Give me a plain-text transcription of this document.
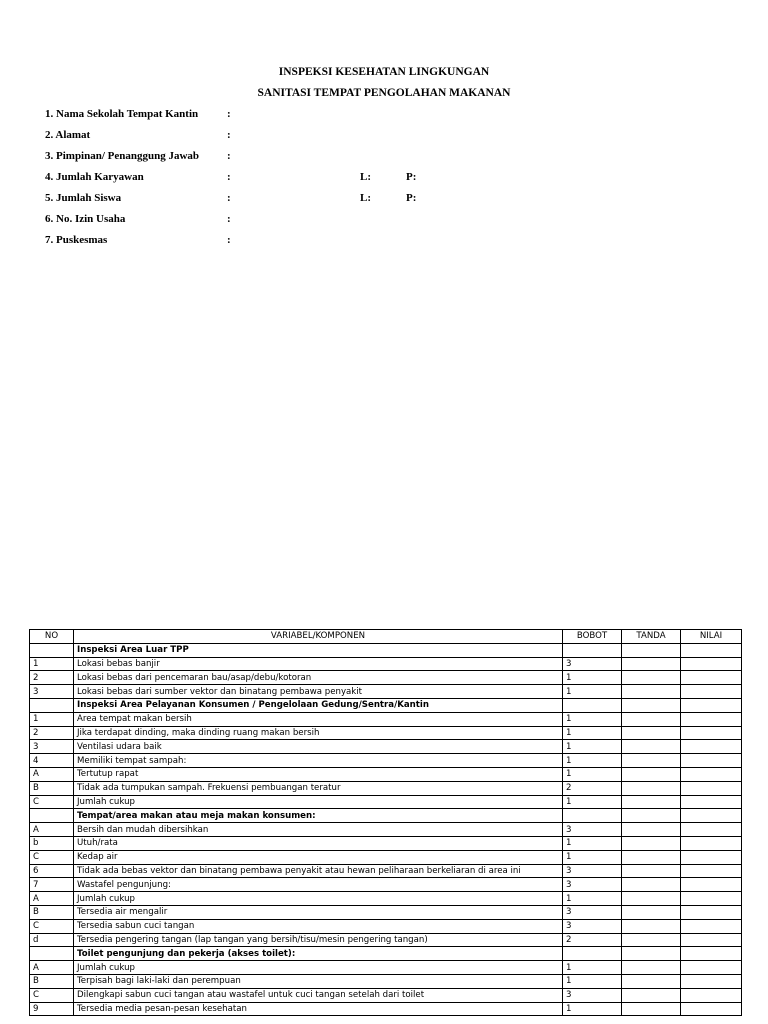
INSPEKSI KESEHATAN LINGKUNGAN
SANITASI TEMPAT PENGOLAHAN MAKANAN
1. Nama Sekolah Tempat Kantin	:
2. Alamat	:
3. Pimpinan/ Penanggung Jawab	:
4. Jumlah Karyawan	:	L:	P:
5. Jumlah Siswa	:	L:	P:
6. No. Izin Usaha	:
7. Puskesmas	:
NO	VARIABEL/KOMPONEN	BOBOT	TANDA	NILAI
	Inspeksi Area Luar TPP			
1	Lokasi bebas banjir	3		
2	Lokasi bebas dari pencemaran bau/asap/debu/kotoran	1		
3	Lokasi bebas dari sumber vektor dan binatang pembawa penyakit	1		
	Inspeksi Area Pelayanan Konsumen / Pengelolaan Gedung/Sentra/Kantin			
1	Area tempat makan bersih	1		
2	Jika terdapat dinding, maka dinding ruang makan bersih	1		
3	Ventilasi udara baik	1		
4	Memiliki tempat sampah:	1		
A	Tertutup rapat	1		
B	Tidak ada tumpukan sampah. Frekuensi pembuangan teratur	2		
C	Jumlah cukup	1		
	Tempat/area makan atau meja makan konsumen:			
A	Bersih dan mudah dibersihkan	3		
b	Utuh/rata	1		
C	Kedap air	1		
6	Tidak ada bebas vektor dan binatang pembawa penyakit atau hewan peliharaan berkeliaran di area ini	3		
7	Wastafel pengunjung:	3		
A	Jumlah cukup	1		
B	Tersedia air mengalir	3		
C	Tersedia sabun cuci tangan	3		
d	Tersedia pengering tangan (lap tangan yang bersih/tisu/mesin pengering tangan)	2		
	Toilet pengunjung dan pekerja (akses toilet):			
A	Jumlah cukup	1		
B	Terpisah bagi laki-laki dan perempuan	1		
C	Dilengkapi sabun cuci tangan atau wastafel untuk cuci tangan setelah dari toilet	3		
9	Tersedia media pesan-pesan kesehatan	1		
